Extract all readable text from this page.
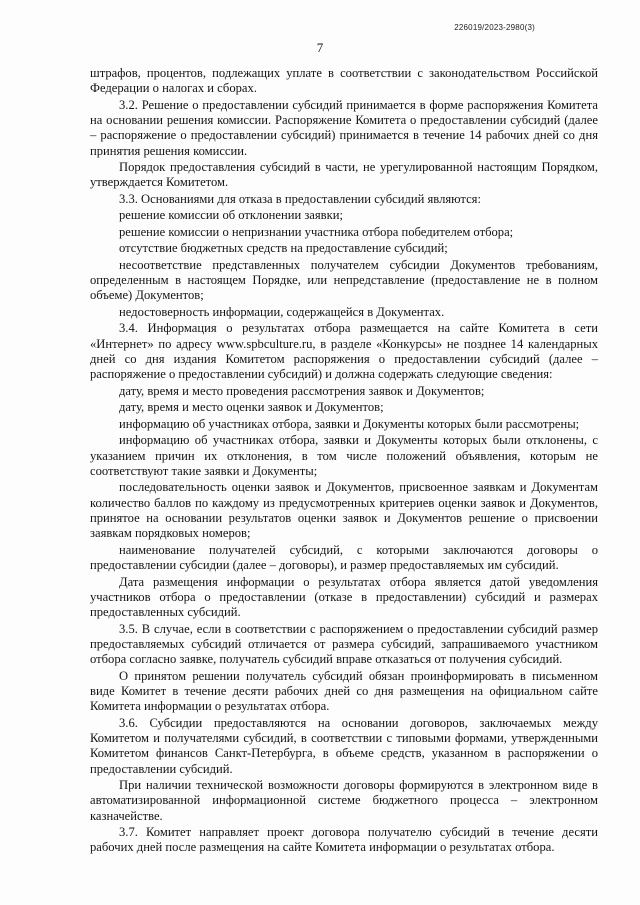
226019/2023-2980(3)
7

штрафов, процентов, подлежащих уплате в соответствии с законодательством Российской Федерации о налогах и сборах.

3.2. Решение о предоставлении субсидий принимается в форме распоряжения Комитета на основании решения комиссии. Распоряжение Комитета о предоставлении субсидий (далее – распоряжение о предоставлении субсидий) принимается в течение 14 рабочих дней со дня принятия решения комиссии.

Порядок предоставления субсидий в части, не урегулированной настоящим Порядком, утверждается Комитетом.

3.3. Основаниями для отказа в предоставлении субсидий являются:

решение комиссии об отклонении заявки;

решение комиссии о непризнании участника отбора победителем отбора;

отсутствие бюджетных средств на предоставление субсидий;

несоответствие представленных получателем субсидии Документов требованиям, определенным в настоящем Порядке, или непредставление (предоставление не в полном объеме) Документов;

недостоверность информации, содержащейся в Документах.

3.4. Информация о результатах отбора размещается на сайте Комитета в сети «Интернет» по адресу www.spbculture.ru, в разделе «Конкурсы» не позднее 14 календарных дней со дня издания Комитетом распоряжения о предоставлении субсидий (далее – распоряжение о предоставлении субсидий) и должна содержать следующие сведения:

дату, время и место проведения рассмотрения заявок и Документов;

дату, время и место оценки заявок и Документов;

информацию об участниках отбора, заявки и Документы которых были рассмотрены;

информацию об участниках отбора, заявки и Документы которых были отклонены, с указанием причин их отклонения, в том числе положений объявления, которым не соответствуют такие заявки и Документы;

последовательность оценки заявок и Документов, присвоенное заявкам и Документам количество баллов по каждому из предусмотренных критериев оценки заявок и Документов, принятое на основании результатов оценки заявок и Документов решение о присвоении заявкам порядковых номеров;

наименование получателей субсидий, с которыми заключаются договоры о предоставлении субсидии (далее – договоры), и размер предоставляемых им субсидий.

Дата размещения информации о результатах отбора является датой уведомления участников отбора о предоставлении (отказе в предоставлении) субсидий и размерах предоставленных субсидий.

3.5. В случае, если в соответствии с распоряжением о предоставлении субсидий размер предоставляемых субсидий отличается от размера субсидий, запрашиваемого участником отбора согласно заявке, получатель субсидий вправе отказаться от получения субсидий.

О принятом решении получатель субсидий обязан проинформировать в письменном виде Комитет в течение десяти рабочих дней со дня размещения на официальном сайте Комитета информации о результатах отбора.

3.6. Субсидии предоставляются на основании договоров, заключаемых между Комитетом и получателями субсидий, в соответствии с типовыми формами, утвержденными Комитетом финансов Санкт-Петербурга, в объеме средств, указанном в распоряжении о предоставлении субсидий.

При наличии технической возможности договоры формируются в электронном виде в автоматизированной информационной системе бюджетного процесса – электронном казначействе.

3.7. Комитет направляет проект договора получателю субсидий в течение десяти рабочих дней после размещения на сайте Комитета информации о результатах отбора.
